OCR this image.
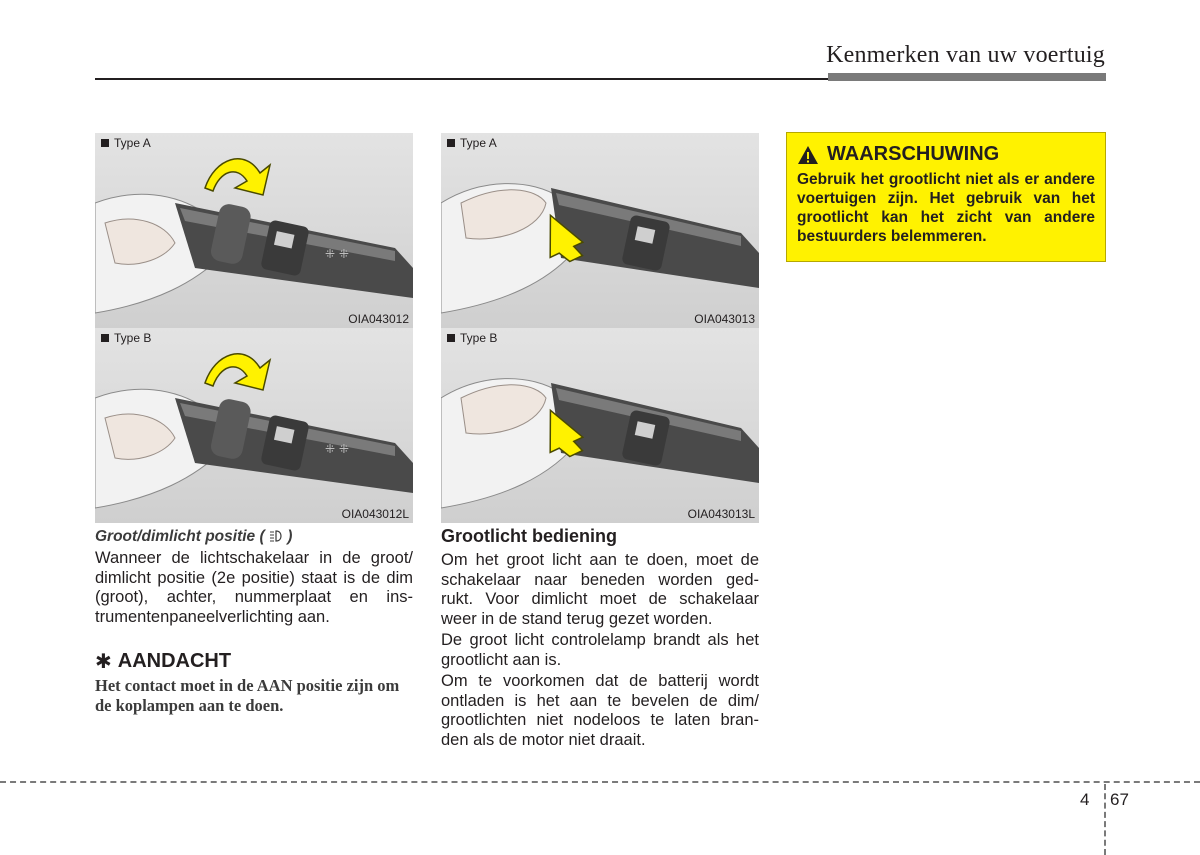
Kenmerken van uw voertuig
⁜ ⁜
Type A
OIA043012
⁜ ⁜
Type B
OIA043012L
Type A
OIA043013
Type B
OIA043013L
WAARSCHUWING
Gebruik het grootlicht niet als er andere voertuigen zijn. Het gebruik van het grootlicht kan het zicht van andere bestuurders belemmeren.
Groot/dimlicht positie ( )

Wanneer de lichtschakelaar in de groot/ dimlicht positie (2e positie) staat is de dim (groot), achter, nummerplaat en ins- trumentenpaneelverlichting aan.

✱ AANDACHT
Het contact moet in de AAN positie zijn om de koplampen aan te doen.
Grootlicht bediening

Om het groot licht aan te doen, moet de schakelaar naar beneden worden ged- rukt. Voor dimlicht moet de schakelaar weer in de stand terug gezet worden.

De groot licht controlelamp brandt als het grootlicht aan is.

Om te voorkomen dat de batterij wordt ontladen is het aan te bevelen de dim/ grootlichten niet nodeloos te laten bran- den als de motor niet draait.

4 67
